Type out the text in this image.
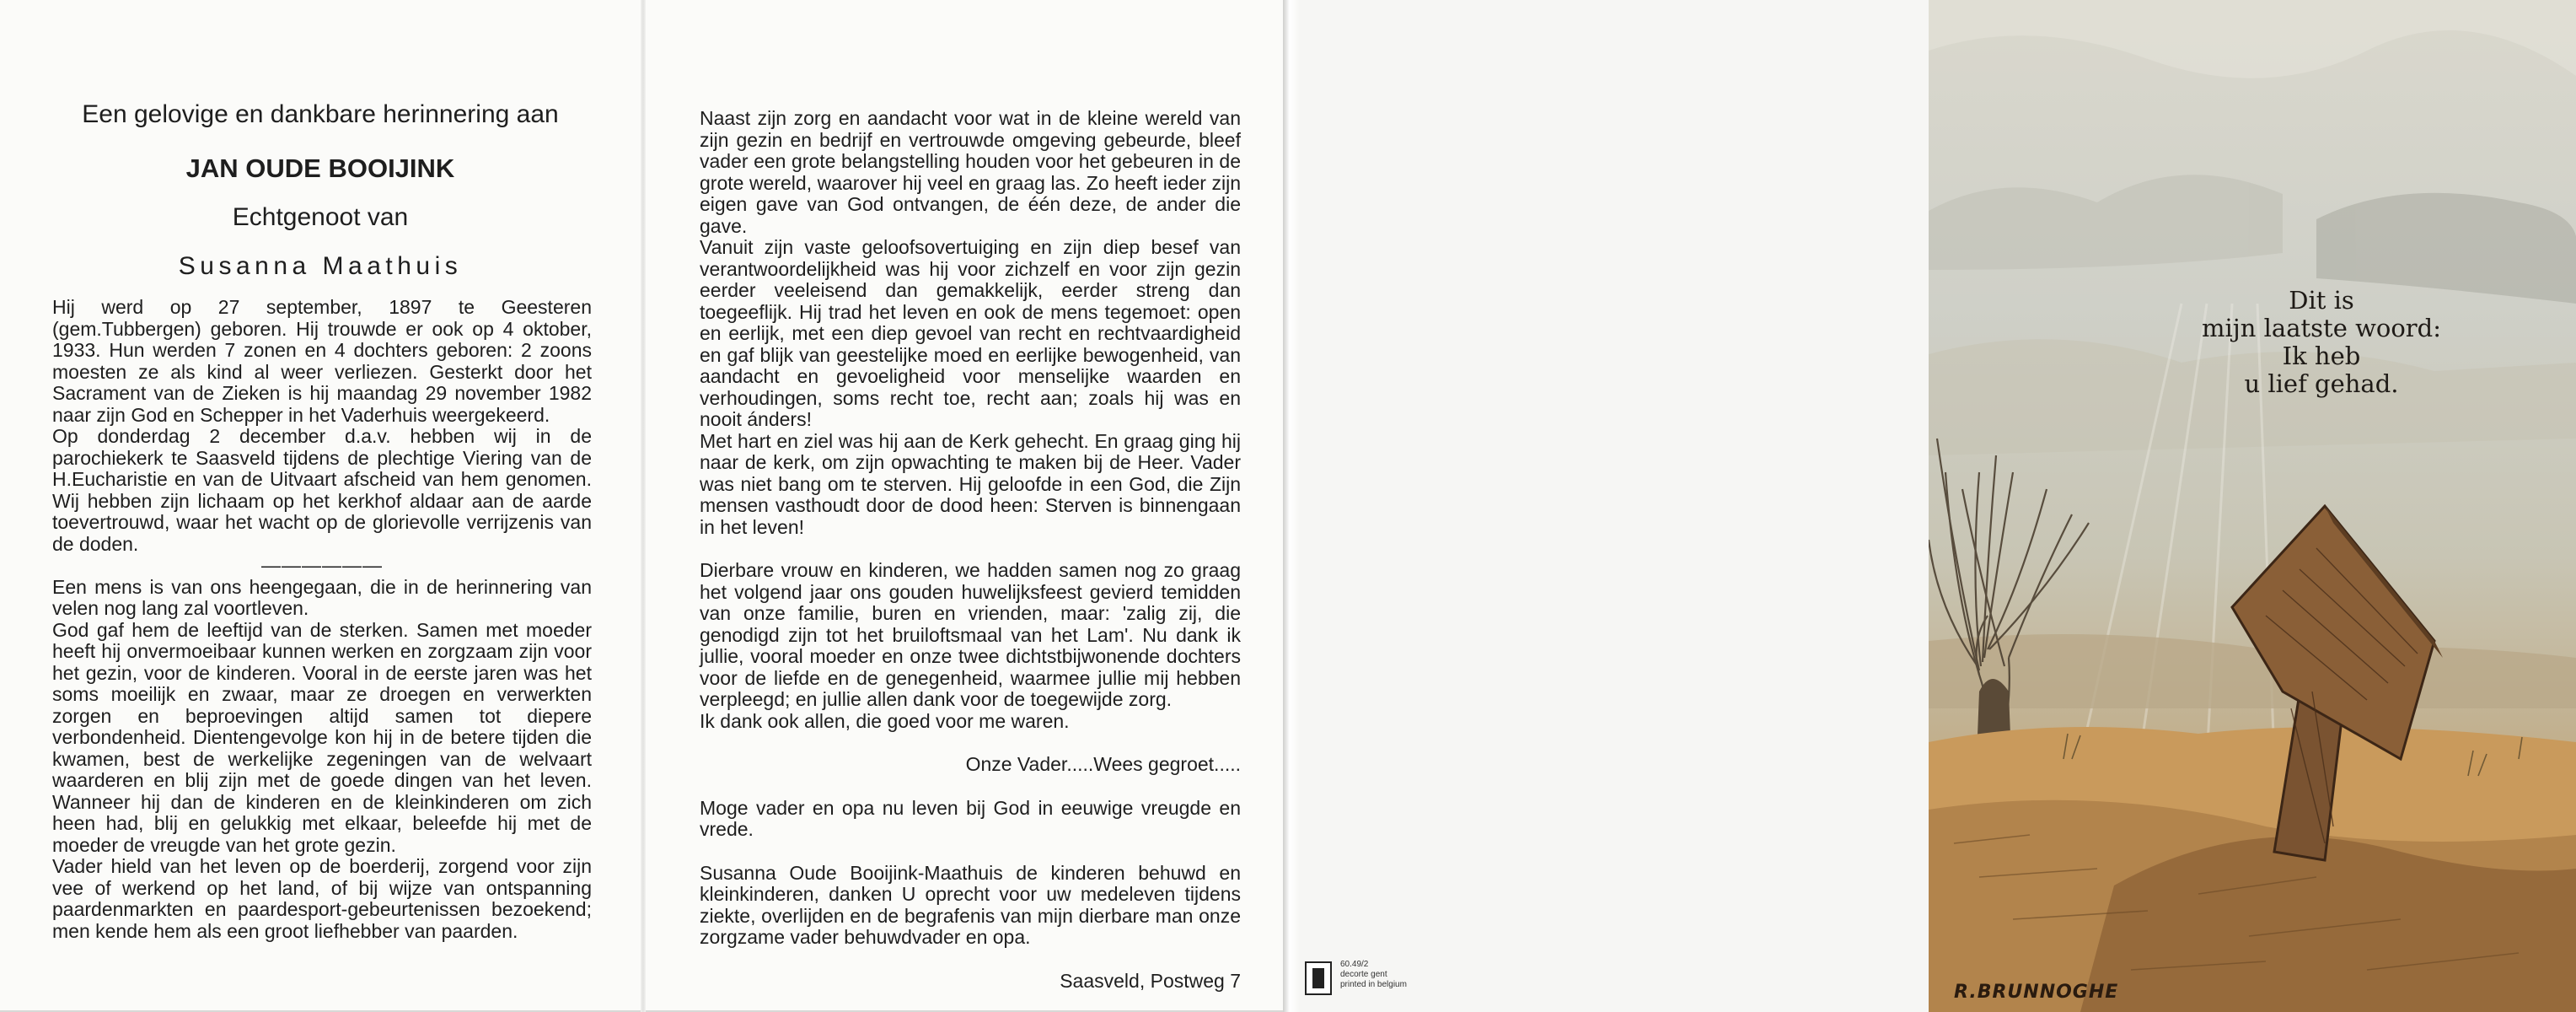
Een gelovige en dankbare herinnering aan
JAN OUDE BOOIJINK
Echtgenoot van
Susanna Maathuis

Hij werd op 27 september, 1897 te Geesteren (gem.Tubbergen) geboren. Hij trouwde er ook op 4 oktober, 1933. Hun werden 7 zonen en 4 dochters geboren: 2 zoons moesten ze als kind al weer verliezen. Gesterkt door het Sacrament van de Zieken is hij maandag 29 november 1982 naar zijn God en Schepper in het Vaderhuis weergekeerd.

Op donderdag 2 december d.a.v. hebben wij in de parochiekerk te Saasveld tijdens de plechtige Viering van de H.Eucharistie en van de Uitvaart afscheid van hem genomen. Wij hebben zijn lichaam op het kerkhof aldaar aan de aarde toevertrouwd, waar het wacht op de glorievolle verrijzenis van de doden.

——————

Een mens is van ons heengegaan, die in de herinnering van velen nog lang zal voortleven.

God gaf hem de leeftijd van de sterken. Samen met moeder heeft hij onvermoeibaar kunnen werken en zorgzaam zijn voor het gezin, voor de kinderen. Vooral in de eerste jaren was het soms moeilijk en zwaar, maar ze droegen en verwerkten zorgen en beproevingen altijd samen tot diepere verbondenheid. Dientengevolge kon hij in de betere tijden die kwamen, best de werkelijke zegeningen van de welvaart waarderen en blij zijn met de goede dingen van het leven. Wanneer hij dan de kinderen en de kleinkinderen om zich heen had, blij en gelukkig met elkaar, beleefde hij met de moeder de vreugde van het grote gezin.

Vader hield van het leven op de boerderij, zorgend voor zijn vee of werkend op het land, of bij wijze van ontspanning paardenmarkten en paardesport-gebeurtenissen bezoekend; men kende hem als een groot liefhebber van paarden.

Naast zijn zorg en aandacht voor wat in de kleine wereld van zijn gezin en bedrijf en vertrouwde omgeving gebeurde, bleef vader een grote belangstelling houden voor het gebeuren in de grote wereld, waarover hij veel en graag las. Zo heeft ieder zijn eigen gave van God ontvangen, de één deze, de ander die gave.

Vanuit zijn vaste geloofsovertuiging en zijn diep besef van verantwoordelijkheid was hij voor zichzelf en voor zijn gezin eerder veeleisend dan gemakkelijk, eerder streng dan toegeeflijk. Hij trad het leven en ook de mens tegemoet: open en eerlijk, met een diep gevoel van recht en rechtvaardigheid en gaf blijk van geestelijke moed en eerlijke bewogenheid, van aandacht en gevoeligheid voor menselijke waarden en verhoudingen, soms recht toe, recht aan; zoals hij was en nooit ánders!

Met hart en ziel was hij aan de Kerk gehecht. En graag ging hij naar de kerk, om zijn opwachting te maken bij de Heer. Vader was niet bang om te sterven. Hij geloofde in een God, die Zijn mensen vasthoudt door de dood heen: Sterven is binnengaan in het leven!

Dierbare vrouw en kinderen, we hadden samen nog zo graag het volgend jaar ons gouden huwelijksfeest gevierd temidden van onze familie, buren en vrienden, maar: 'zalig zij, die genodigd zijn tot het bruiloftsmaal van het Lam'. Nu dank ik jullie, vooral moeder en onze twee dichtstbijwonende dochters voor de liefde en de genegenheid, waarmee jullie mij hebben verpleegd; en jullie allen dank voor de toegewijde zorg.

Ik dank ook allen, die goed voor me waren.

Onze Vader.....Wees gegroet.....

Moge vader en opa nu leven bij God in eeuwige vreugde en vrede.

Susanna Oude Booijink-Maathuis de kinderen behuwd en kleinkinderen, danken U oprecht voor uw medeleven tijdens ziekte, overlijden en de begrafenis van mijn dierbare man onze zorgzame vader behuwdvader en opa.

Saasveld, Postweg 7

60.49/2
decorte gent
printed in belgium
Dit is
mijn laatste woord:
Ik heb
u lief gehad.
R.BRUNNOGHE
